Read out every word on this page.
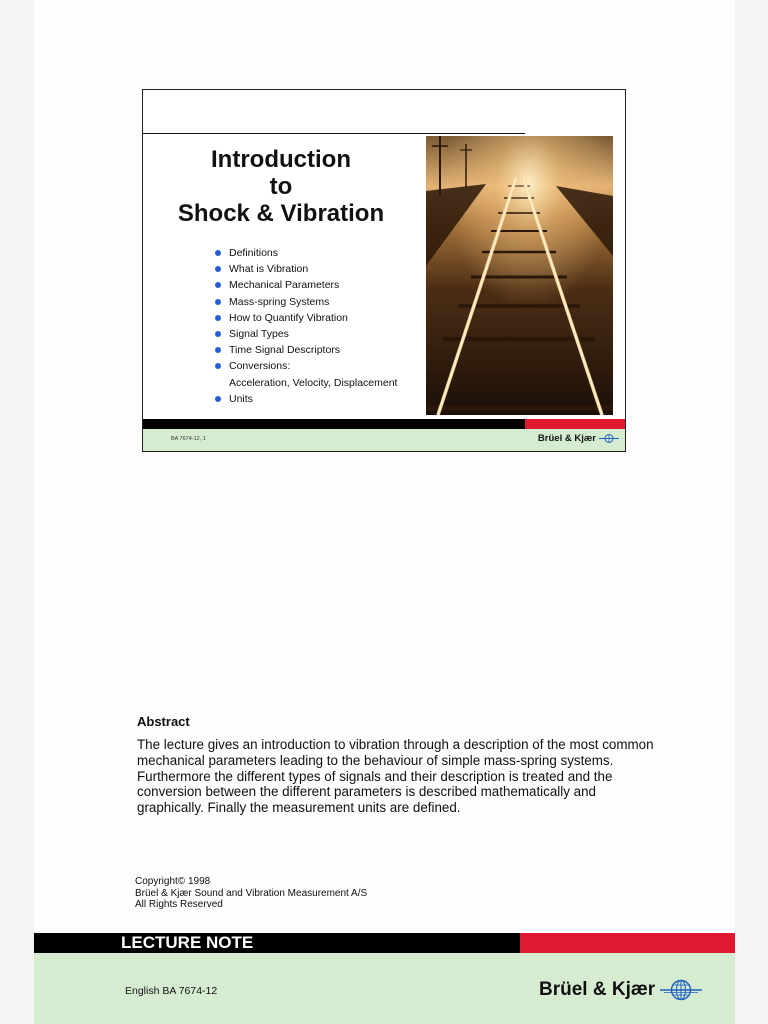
Introduction
to
Shock & Vibration
Definitions
What is Vibration
Mechanical Parameters
Mass-spring Systems
How to Quantify Vibration
Signal Types
Time Signal Descriptors
Conversions:
Acceleration, Velocity, Displacement
Units
BA 7674-12, 1	Brüel & Kjær
Abstract

The lecture gives an introduction to vibration through a description of the most common mechanical parameters leading to the behaviour of simple mass-spring systems. Furthermore the different types of signals and their description is treated and the conversion between the different parameters is described mathematically and graphically. Finally the measurement units are defined.

Copyright© 1998
Brüel & Kjær Sound and Vibration Measurement A/S
All Rights Reserved
LECTURE NOTE
English BA 7674-12	Brüel & Kjær
